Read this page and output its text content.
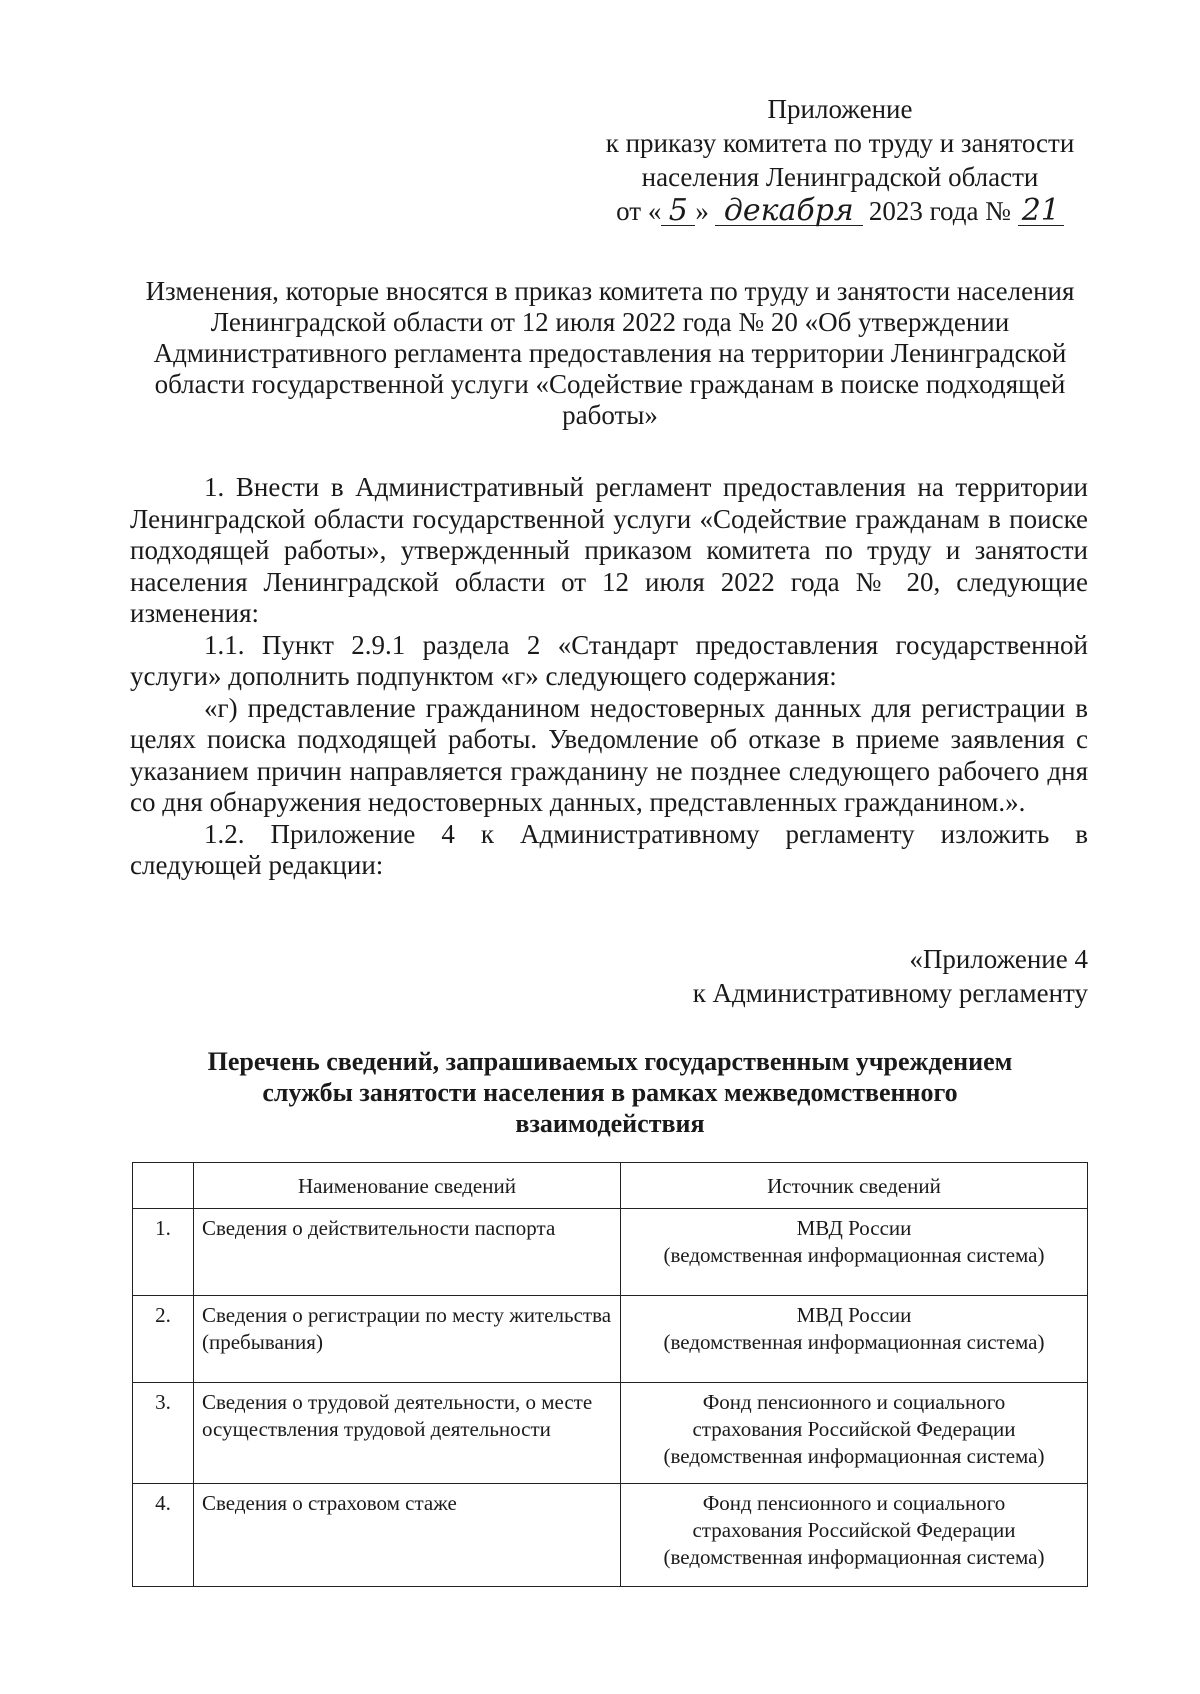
Приложение
к приказу комитета по труду и занятости
населения Ленинградской области
от « 5 » декабря 2023 года № 21
Изменения, которые вносятся в приказ комитета по труду и занятости населения Ленинградской области от 12 июля 2022 года № 20 «Об утверждении Административного регламента предоставления на территории Ленинградской области государственной услуги «Содействие гражданам в поиске подходящей работы»

1. Внести в Административный регламент предоставления на территории Ленинградской области государственной услуги «Содействие гражданам в поиске подходящей работы», утвержденный приказом комитета по труду и занятости населения Ленинградской области от 12 июля 2022 года № 20, следующие изменения:

1.1. Пункт 2.9.1 раздела 2 «Стандарт предоставления государственной услуги» дополнить подпунктом «г» следующего содержания:

«г) представление гражданином недостоверных данных для регистрации в целях поиска подходящей работы. Уведомление об отказе в приеме заявления с указанием причин направляется гражданину не позднее следующего рабочего дня со дня обнаружения недостоверных данных, представленных гражданином.».

1.2. Приложение 4 к Административному регламенту изложить в следующей редакции:

«Приложение 4
к Административному регламенту
Перечень сведений, запрашиваемых государственным учреждением
службы занятости населения в рамках межведомственного
взаимодействия
	Наименование сведений	Источник сведений
1.	Сведения о действительности паспорта	МВД России
(ведомственная информационная система)

2.	Сведения о регистрации по месту жительства (пребывания)	МВД России
(ведомственная информационная система)

3.	Сведения о трудовой деятельности, о месте осуществления трудовой деятельности	Фонд пенсионного и социального
страхования Российской Федерации
(ведомственная информационная система)

4.	Сведения о страховом стаже	Фонд пенсионного и социального
страхования Российской Федерации
(ведомственная информационная система)
